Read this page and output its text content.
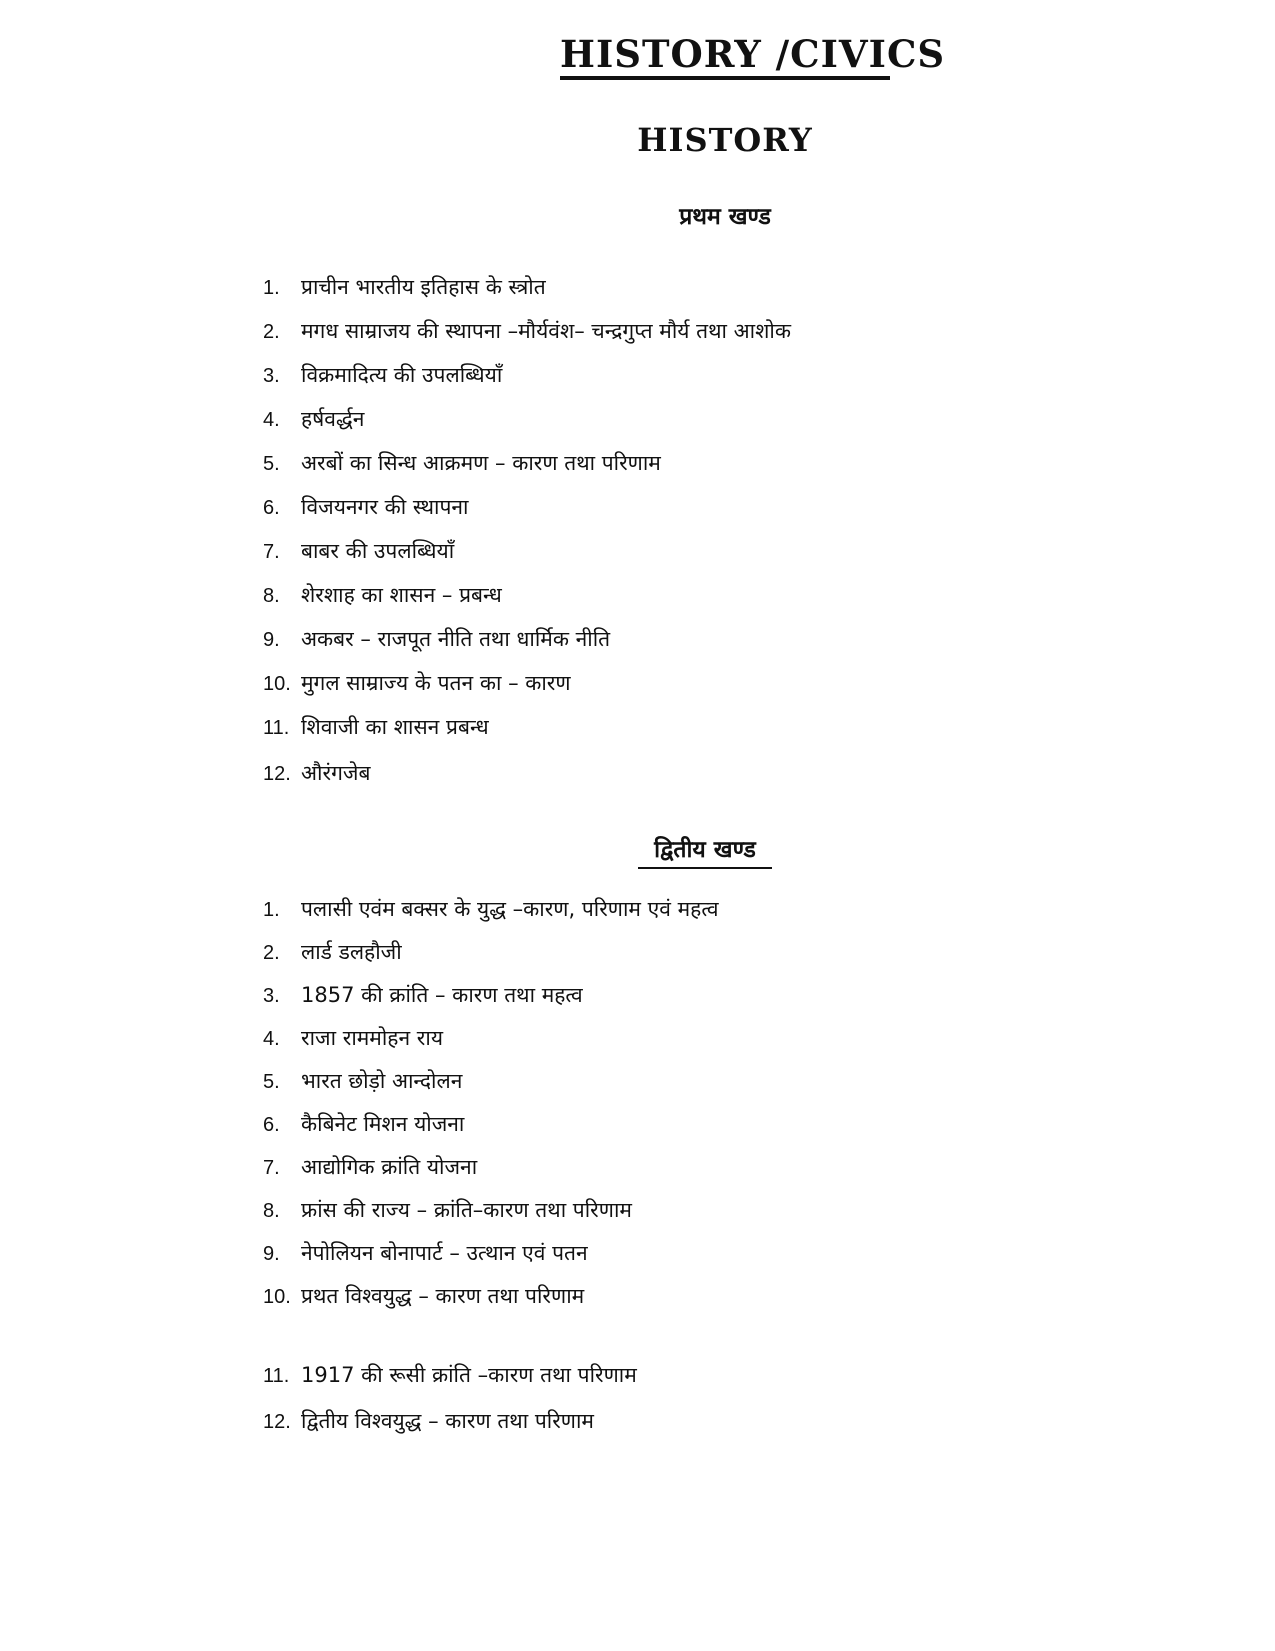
HISTORY /CIVICS
HISTORY
प्रथम खण्ड
1. प्राचीन भारतीय इतिहास के स्त्रोत
2. मगध साम्राजय की स्थापना –मौर्यवंश– चन्द्रगुप्त मौर्य तथा आशोक
3. विक्रमादित्य की उपलब्धियाँ
4. हर्षवर्द्धन
5. अरबों का सिन्ध आक्रमण – कारण तथा परिणाम
6. विजयनगर की स्थापना
7. बाबर की उपलब्धियाँ
8. शेरशाह का शासन – प्रबन्ध
9. अकबर – राजपूत नीति तथा धार्मिक नीति
10. मुगल साम्राज्य के पतन का – कारण
11. शिवाजी का शासन प्रबन्ध
12. औरंगजेब
द्वितीय खण्ड
1. पलासी एवंम बक्सर के युद्ध –कारण, परिणाम एवं महत्व
2. लार्ड डलहौजी
3. 1857 की क्रांति – कारण तथा महत्व
4. राजा राममोहन राय
5. भारत छोड़ो आन्दोलन
6. कैबिनेट मिशन योजना
7. आद्योगिक क्रांति योजना
8. फ्रांस की राज्य – क्रांति–कारण तथा परिणाम
9. नेपोलियन बोनापार्ट – उत्थान एवं पतन
10. प्रथत विश्वयुद्ध – कारण तथा परिणाम
11. 1917 की रूसी क्रांति –कारण तथा परिणाम
12. द्वितीय विश्वयुद्ध – कारण तथा परिणाम
